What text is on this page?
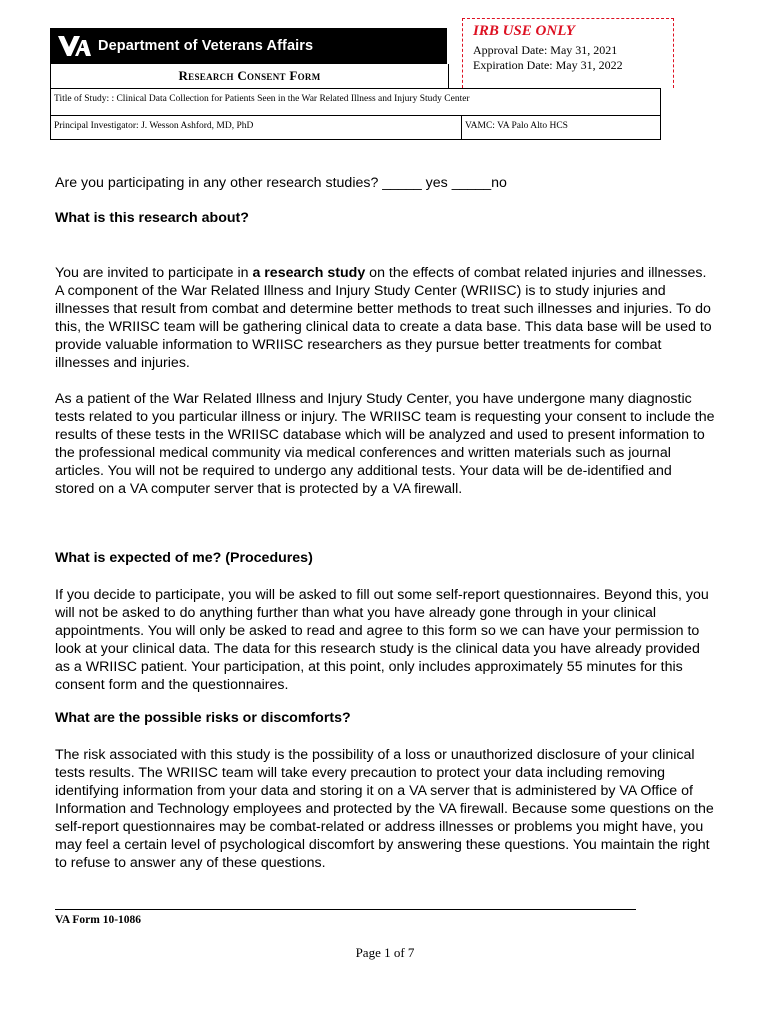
Department of Veterans Affairs
Research Consent Form
IRB USE ONLY
Approval Date: May 31, 2021
Expiration Date: May 31, 2022
Title of Study: : Clinical Data Collection for Patients Seen in the War Related Illness and Injury Study Center
Principal Investigator: J. Wesson Ashford, MD, PhD	VAMC: VA Palo Alto HCS
Are you participating in any other research studies? _____ yes _____no
What is this research about?

You are invited to participate in a research study on the effects of combat related injuries and illnesses. A component of the War Related Illness and Injury Study Center (WRIISC) is to study injuries and illnesses that result from combat and determine better methods to treat such illnesses and injuries. To do this, the WRIISC team will be gathering clinical data to create a data base. This data base will be used to provide valuable information to WRIISC researchers as they pursue better treatments for combat illnesses and injuries.

As a patient of the War Related Illness and Injury Study Center, you have undergone many diagnostic tests related to you particular illness or injury. The WRIISC team is requesting your consent to include the results of these tests in the WRIISC database which will be analyzed and used to present information to the professional medical community via medical conferences and written materials such as journal articles. You will not be required to undergo any additional tests. Your data will be de-identified and stored on a VA computer server that is protected by a VA firewall.

What is expected of me? (Procedures)

If you decide to participate, you will be asked to fill out some self-report questionnaires. Beyond this, you will not be asked to do anything further than what you have already gone through in your clinical appointments. You will only be asked to read and agree to this form so we can have your permission to look at your clinical data. The data for this research study is the clinical data you have already provided as a WRIISC patient. Your participation, at this point, only includes approximately 55 minutes for this consent form and the questionnaires.

What are the possible risks or discomforts?

The risk associated with this study is the possibility of a loss or unauthorized disclosure of your clinical tests results. The WRIISC team will take every precaution to protect your data including removing identifying information from your data and storing it on a VA server that is administered by VA Office of Information and Technology employees and protected by the VA firewall. Because some questions on the self-report questionnaires may be combat-related or address illnesses or problems you might have, you may feel a certain level of psychological discomfort by answering these questions. You maintain the right to refuse to answer any of these questions.

VA Form 10-1086
Page 1 of 7
